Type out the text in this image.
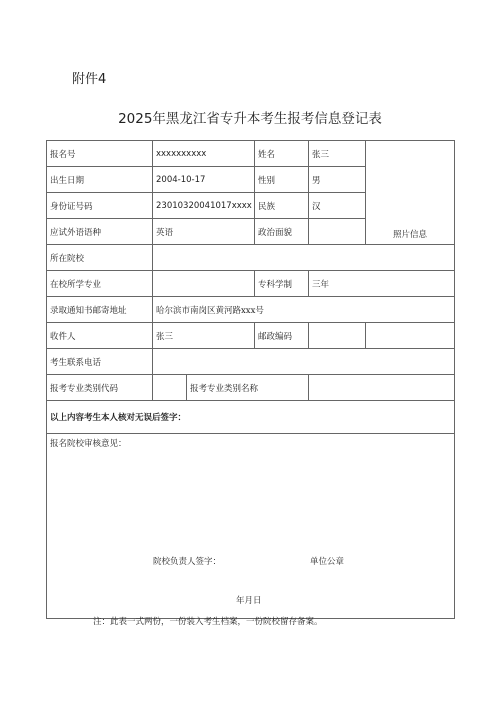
附件4
2025年黑龙江省专升本考生报考信息登记表
报名号	xxxxxxxxxx		姓名	张三	照片信息
出生日期	2004-10-17		性别	男	
身份证号码	23010320041017xxxx		民族	汉	
应试外语语种	英语		政治面貌		
所在院校					
在校所学专业			专科学制	三年	
录取通知书邮寄地址	哈尔滨市南岗区黄河路xxx号				
收件人	张三		邮政编码		
考生联系电话					
报考专业类别代码		报考专业类别名称			
以上内容考生本人核对无误后签字：					

报名院校审核意见：
院校负责人签字： 单位公章
年月日					
注：此表一式两份，一份装入考生档案，一份院校留存备案。
